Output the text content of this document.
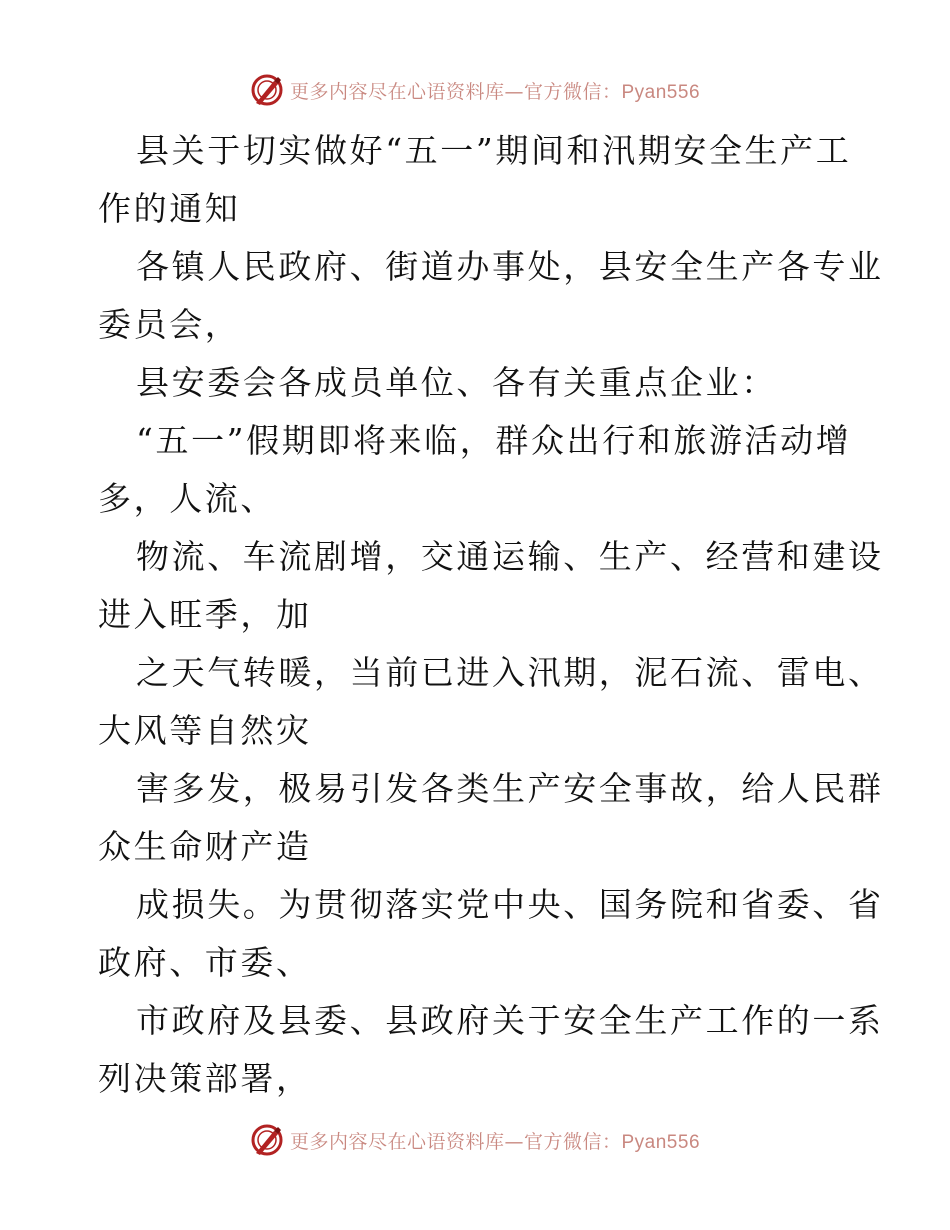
更多内容尽在心语资料库—官方微信：Pyan556
县关于切实做好“五一”期间和汛期安全生产工
作的通知
各镇人民政府、街道办事处，县安全生产各专业
委员会，
县安委会各成员单位、各有关重点企业：
“五一”假期即将来临，群众出行和旅游活动增
多，人流、
物流、车流剧增，交通运输、生产、经营和建设
进入旺季，加
之天气转暖，当前已进入汛期，泥石流、雷电、
大风等自然灾
害多发，极易引发各类生产安全事故，给人民群
众生命财产造
成损失。为贯彻落实党中央、国务院和省委、省
政府、市委、
市政府及县委、县政府关于安全生产工作的一系
列决策部署，
更多内容尽在心语资料库—官方微信：Pyan556
